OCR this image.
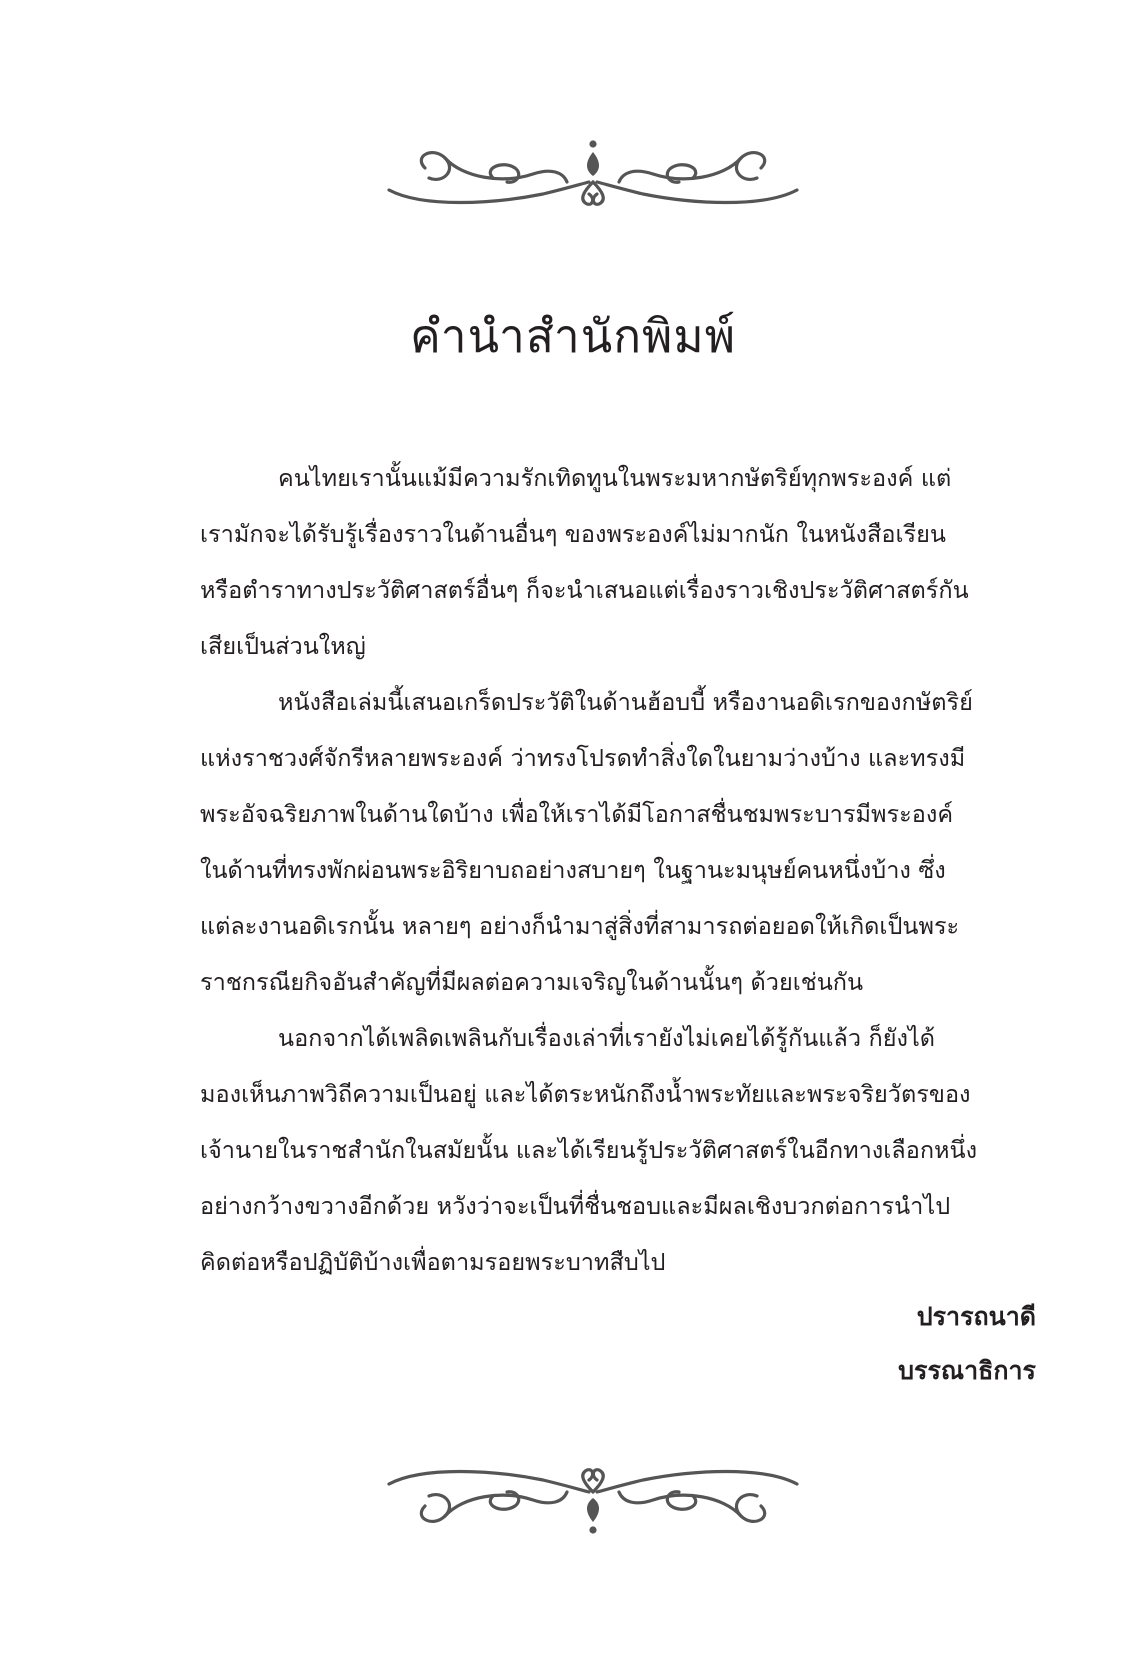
คำนำสำนักพิมพ์
คนไทยเรานั้นแม้มีความรักเทิดทูนในพระมหากษัตริย์ทุกพระองค์ แต่
เรามักจะได้รับรู้เรื่องราวในด้านอื่นๆ ของพระองค์ไม่มากนัก ในหนังสือเรียน
หรือตำราทางประวัติศาสตร์อื่นๆ ก็จะนำเสนอแต่เรื่องราวเชิงประวัติศาสตร์กัน
เสียเป็นส่วนใหญ่
หนังสือเล่มนี้เสนอเกร็ดประวัติในด้านฮ้อบบี้ หรืองานอดิเรกของกษัตริย์
แห่งราชวงศ์จักรีหลายพระองค์ ว่าทรงโปรดทำสิ่งใดในยามว่างบ้าง และทรงมี
พระอัจฉริยภาพในด้านใดบ้าง เพื่อให้เราได้มีโอกาสชื่นชมพระบารมีพระองค์
ในด้านที่ทรงพักผ่อนพระอิริยาบถอย่างสบายๆ ในฐานะมนุษย์คนหนึ่งบ้าง ซึ่ง
แต่ละงานอดิเรกนั้น หลายๆ อย่างก็นำมาสู่สิ่งที่สามารถต่อยอดให้เกิดเป็นพระ
ราชกรณียกิจอันสำคัญที่มีผลต่อความเจริญในด้านนั้นๆ ด้วยเช่นกัน
นอกจากได้เพลิดเพลินกับเรื่องเล่าที่เรายังไม่เคยได้รู้กันแล้ว ก็ยังได้
มองเห็นภาพวิถีความเป็นอยู่ และได้ตระหนักถึงน้ำพระทัยและพระจริยวัตรของ
เจ้านายในราชสำนักในสมัยนั้น และได้เรียนรู้ประวัติศาสตร์ในอีกทางเลือกหนึ่ง
อย่างกว้างขวางอีกด้วย หวังว่าจะเป็นที่ชื่นชอบและมีผลเชิงบวกต่อการนำไป
คิดต่อหรือปฏิบัติบ้างเพื่อตามรอยพระบาทสืบไป
ปรารถนาดี
บรรณาธิการ
